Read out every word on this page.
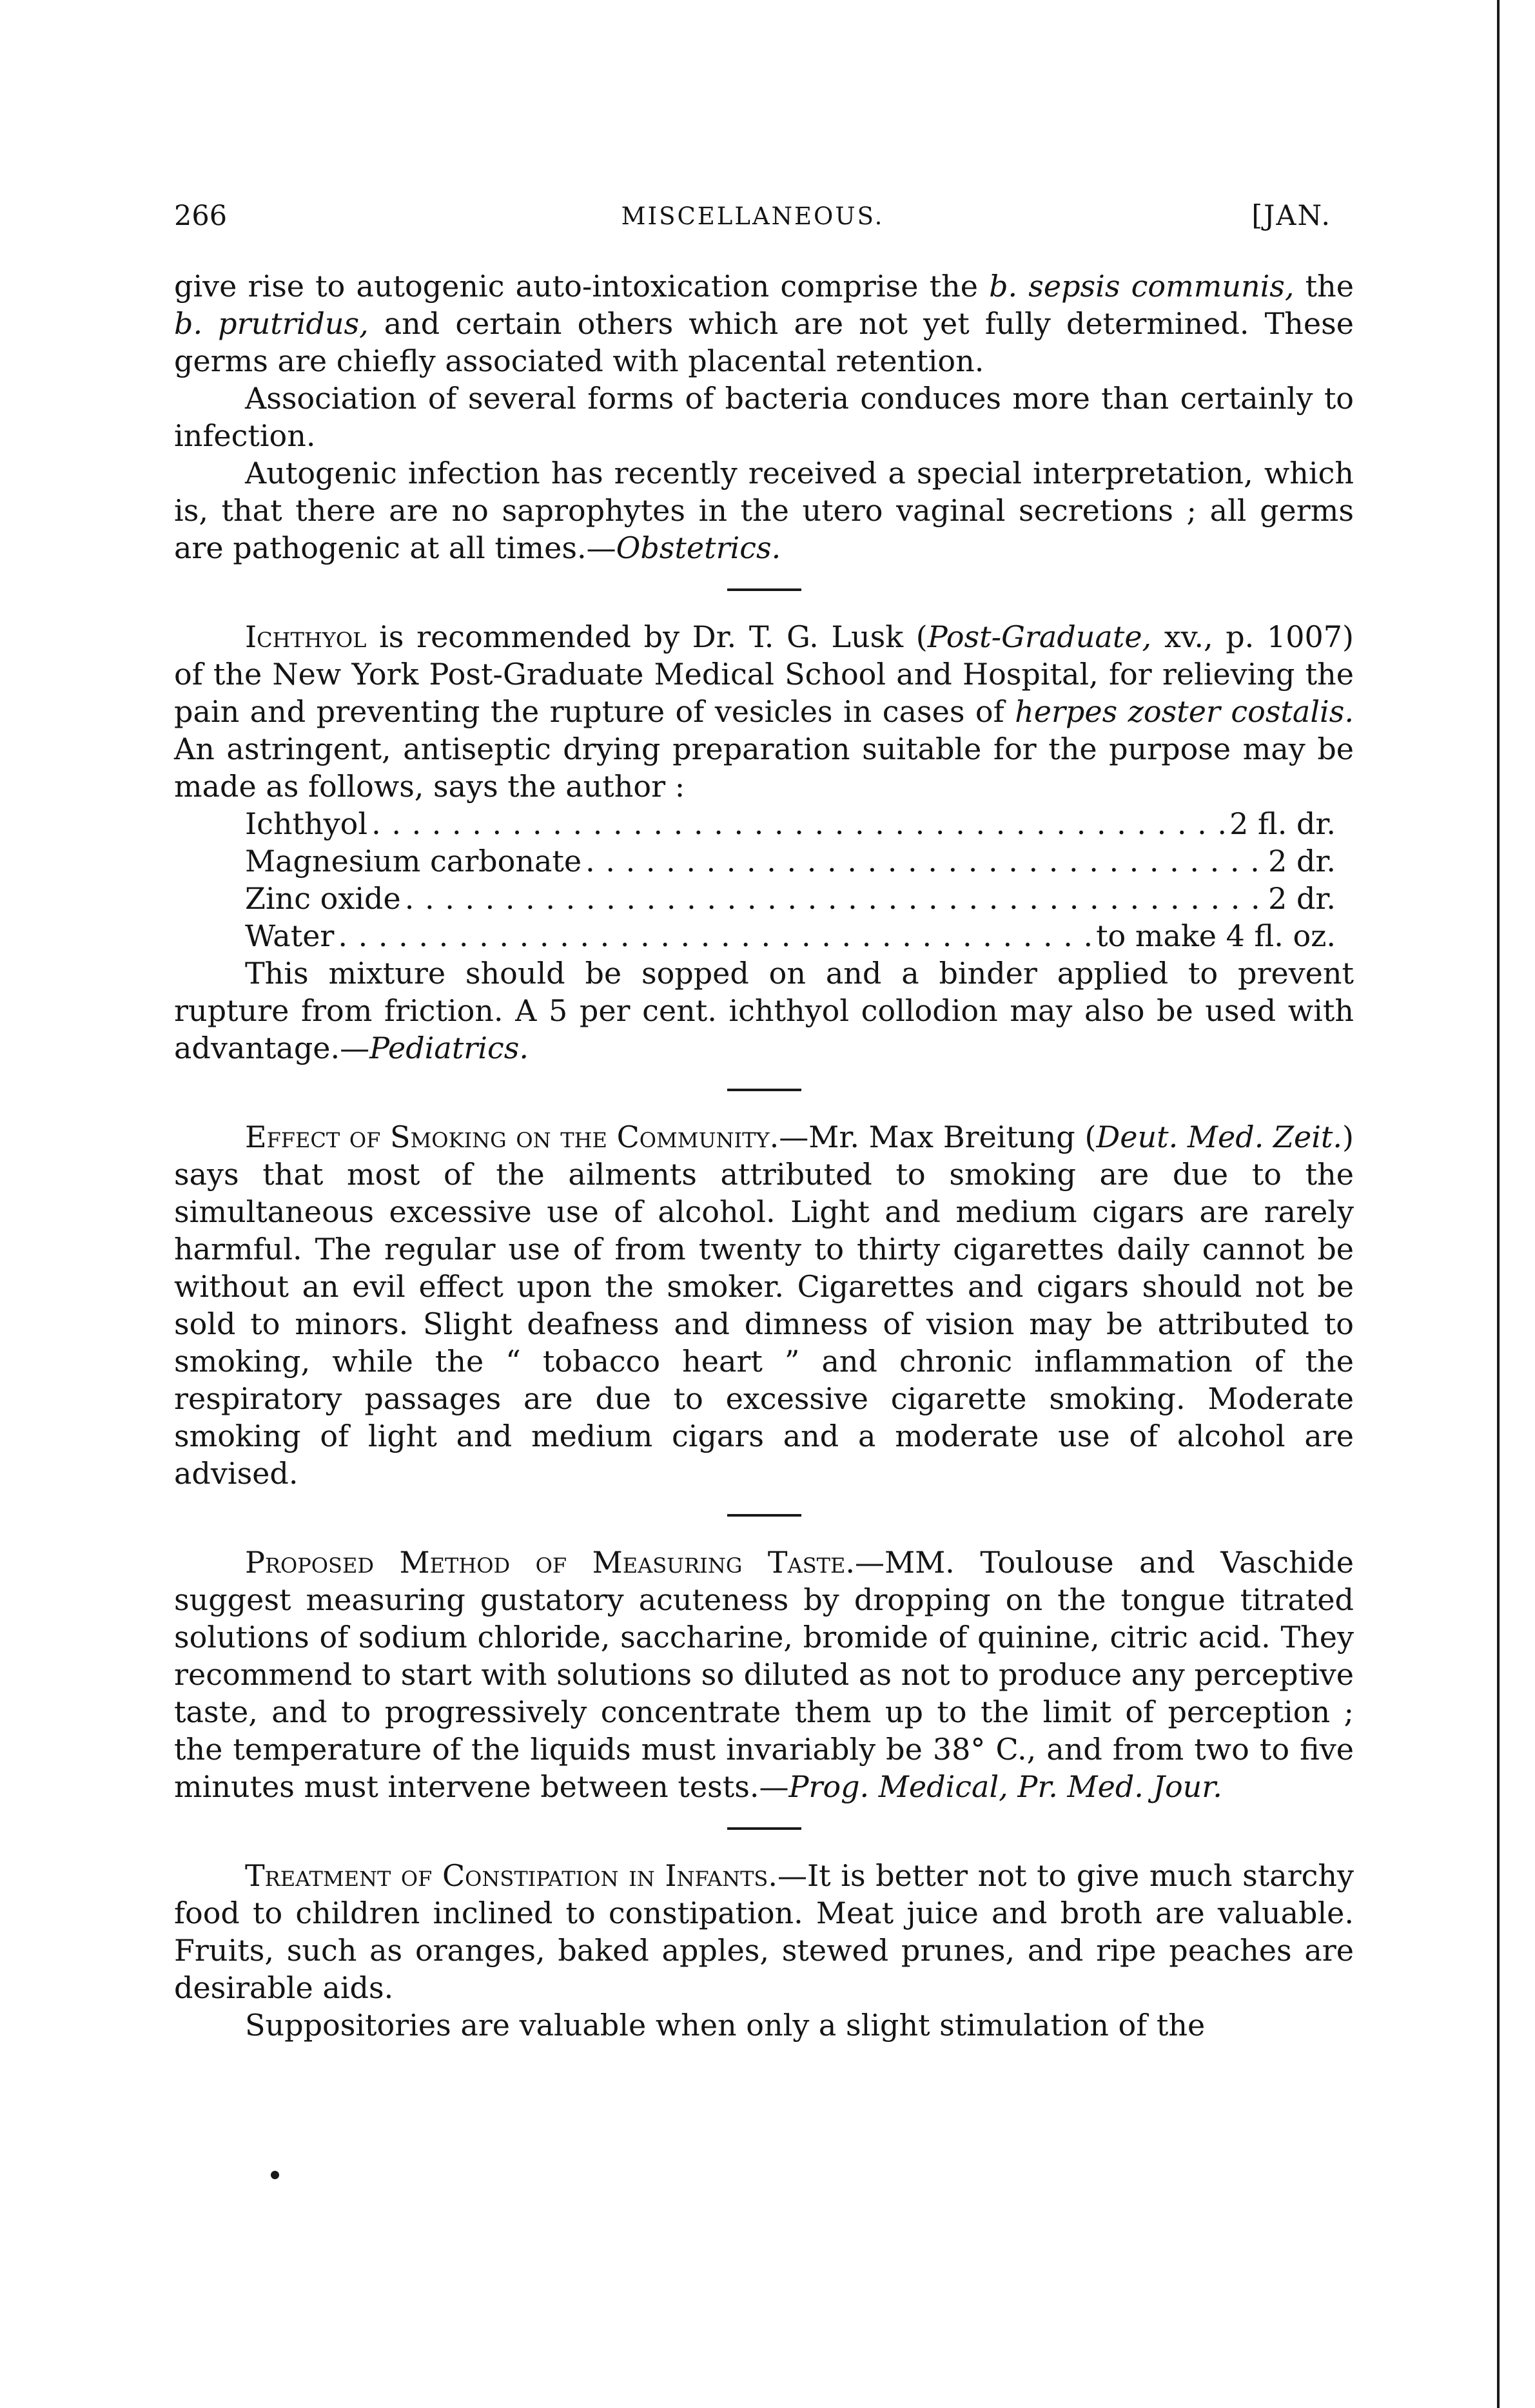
266	MISCELLANEOUS.	[JAN.

give rise to autogenic auto-intoxication comprise the b. sepsis communis, the b. prutridus, and certain others which are not yet fully determined. These germs are chiefly associated with placental retention.

Association of several forms of bacteria conduces more than certainly to infection.

Autogenic infection has recently received a special interpretation, which is, that there are no saprophytes in the utero vaginal secretions ; all germs are pathogenic at all times.—Obstetrics.

Ichthyol is recommended by Dr. T. G. Lusk (Post-Graduate, xv., p. 1007) of the New York Post-Graduate Medical School and Hospital, for relieving the pain and preventing the rupture of vesicles in cases of herpes zoster costalis. An astringent, antiseptic drying preparation suitable for the purpose may be made as follows, says the author :

Ichthyol . . .	2 fl. dr.
Magnesium carbonate . . .	2 dr.
Zinc oxide . . .	2 dr.
Water . . .	to make 4 fl. oz.

This mixture should be sopped on and a binder applied to prevent rupture from friction. A 5 per cent. ichthyol collodion may also be used with advantage.—Pediatrics.

Effect of Smoking on the Community.—Mr. Max Breitung (Deut. Med. Zeit.) says that most of the ailments attributed to smoking are due to the simultaneous excessive use of alcohol. Light and medium cigars are rarely harmful. The regular use of from twenty to thirty cigarettes daily cannot be without an evil effect upon the smoker. Cigarettes and cigars should not be sold to minors. Slight deafness and dimness of vision may be attributed to smoking, while the “ tobacco heart ” and chronic inflammation of the respiratory passages are due to excessive cigarette smoking. Moderate smoking of light and medium cigars and a moderate use of alcohol are advised.

Proposed Method of Measuring Taste.—MM. Toulouse and Vaschide suggest measuring gustatory acuteness by dropping on the tongue titrated solutions of sodium chloride, saccharine, bromide of quinine, citric acid. They recommend to start with solutions so diluted as not to produce any perceptive taste, and to progressively concentrate them up to the limit of perception ; the temperature of the liquids must invariably be 38° C., and from two to five minutes must intervene between tests.—Prog. Medical, Pr. Med. Jour.

Treatment of Constipation in Infants.—It is better not to give much starchy food to children inclined to constipation. Meat juice and broth are valuable. Fruits, such as oranges, baked apples, stewed prunes, and ripe peaches are desirable aids.

Suppositories are valuable when only a slight stimulation of the
